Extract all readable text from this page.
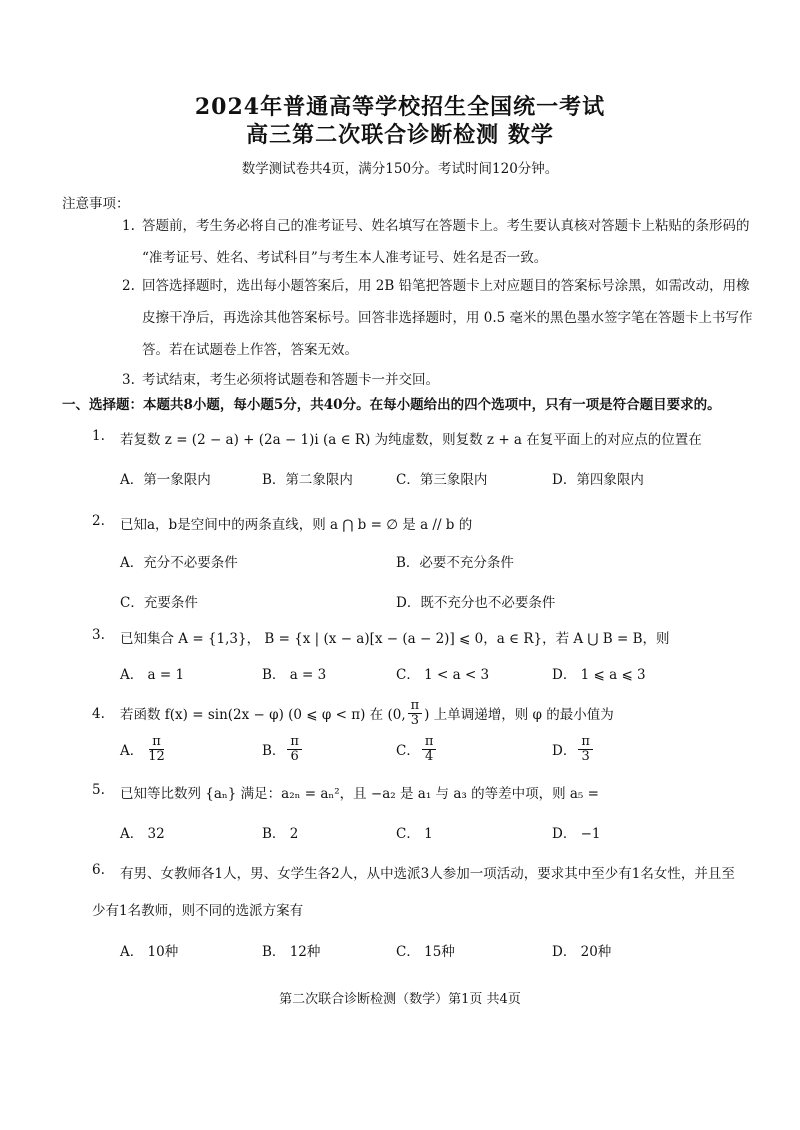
2024年普通高等学校招生全国统一考试
高三第二次联合诊断检测 数学
数学测试卷共4页，满分150分。考试时间120分钟。
注意事项：
1. 答题前，考生务必将自己的准考证号、姓名填写在答题卡上。考生要认真核对答题卡上粘贴的条形码的
“准考证号、姓名、考试科目”与考生本人准考证号、姓名是否一致。
2. 回答选择题时，选出每小题答案后，用 2B 铅笔把答题卡上对应题目的答案标号涂黑，如需改动，用橡
皮擦干净后，再选涂其他答案标号。回答非选择题时，用 0.5 毫米的黑色墨水签字笔在答题卡上书写作
答。若在试题卷上作答，答案无效。
3. 考试结束，考生必须将试题卷和答题卡一并交回。
一、选择题：本题共8小题，每小题5分，共40分。在每小题给出的四个选项中，只有一项是符合题目要求的。
1. 若复数 z = (2 − a) + (2a − 1)i (a ∈ R) 为纯虚数，则复数 z + a 在复平面上的对应点的位置在
A．第一象限内	B．第二象限内	C．第三象限内	D．第四象限内
2. 已知a，b是空间中的两条直线，则 a ⋂ b = ∅ 是 a // b 的
A．充分不必要条件	B．必要不充分条件
C．充要条件	D．既不充分也不必要条件
3. 已知集合 A = {1,3}， B = {x | (x − a)[x − (a − 2)] ⩽ 0，a ∈ R}，若 A ⋃ B = B，则
A． a = 1	B． a = 3	C． 1 < a < 3	D． 1 ⩽ a ⩽ 3
4. 若函数 f(x) = sin(2x − φ) (0 ⩽ φ < π) 在 (0, $\frac{\pi}{3}$ ) 上单调递增，则 φ 的最小值为
A． $\frac{\pi}{12}$	B． $\frac{\pi}{6}$	C． $\frac{\pi}{4}$	D． $\frac{\pi}{3}$
5. 已知等比数列 {aₙ} 满足：a₂ₙ = aₙ²，且 −a₂ 是 a₁ 与 a₃ 的等差中项，则 a₅ =
A． 32	B． 2	C． 1	D． −1
6. 有男、女教师各1人，男、女学生各2人，从中选派3人参加一项活动，要求其中至少有1名女性，并且至
少有1名教师，则不同的选派方案有
A． 10种	B． 12种	C． 15种	D． 20种
第二次联合诊断检测（数学）第1页 共4页
